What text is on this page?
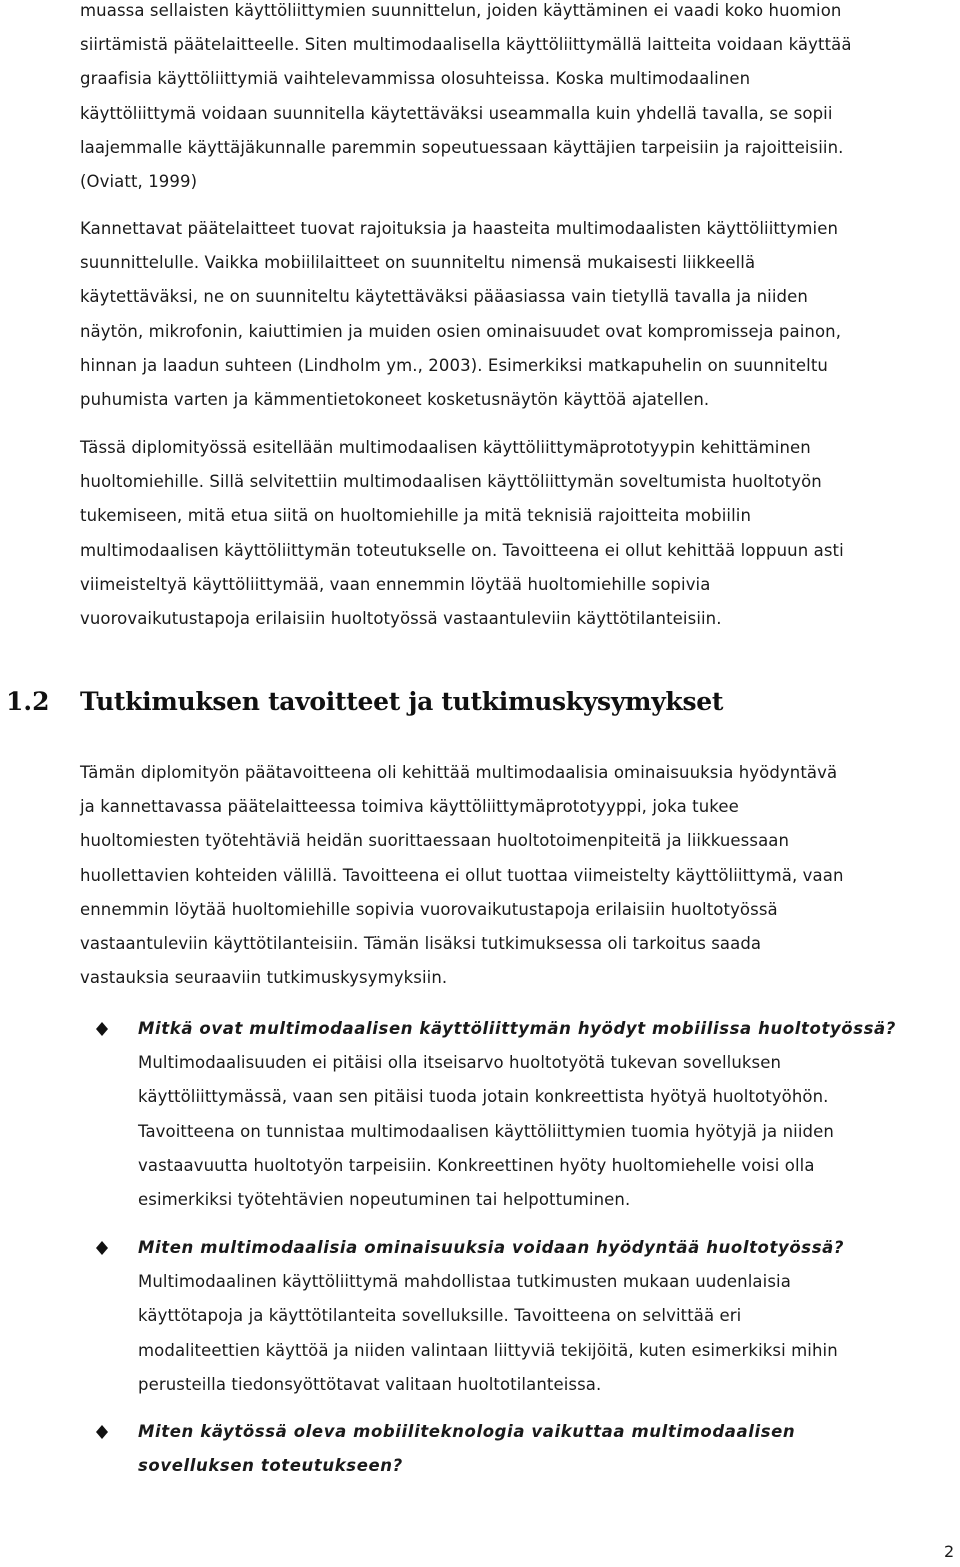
muassa sellaisten käyttöliittymien suunnittelun, joiden käyttäminen ei vaadi koko huomion
siirtämistä päätelaitteelle. Siten multimodaalisella käyttöliittymällä laitteita voidaan käyttää
graafisia käyttöliittymiä vaihtelevammissa olosuhteissa. Koska multimodaalinen
käyttöliittymä voidaan suunnitella käytettäväksi useammalla kuin yhdellä tavalla, se sopii
laajemmalle käyttäjäkunnalle paremmin sopeutuessaan käyttäjien tarpeisiin ja rajoitteisiin.
(Oviatt, 1999)

Kannettavat päätelaitteet tuovat rajoituksia ja haasteita multimodaalisten käyttöliittymien
suunnittelulle. Vaikka mobiililaitteet on suunniteltu nimensä mukaisesti liikkeellä
käytettäväksi, ne on suunniteltu käytettäväksi pääasiassa vain tietyllä tavalla ja niiden
näytön, mikrofonin, kaiuttimien ja muiden osien ominaisuudet ovat kompromisseja painon,
hinnan ja laadun suhteen (Lindholm ym., 2003). Esimerkiksi matkapuhelin on suunniteltu
puhumista varten ja kämmentietokoneet kosketusnäytön käyttöä ajatellen.

Tässä diplomityössä esitellään multimodaalisen käyttöliittymäprototyypin kehittäminen
huoltomiehille. Sillä selvitettiin multimodaalisen käyttöliittymän soveltumista huoltotyön
tukemiseen, mitä etua siitä on huoltomiehille ja mitä teknisiä rajoitteita mobiilin
multimodaalisen käyttöliittymän toteutukselle on. Tavoitteena ei ollut kehittää loppuun asti
viimeisteltyä käyttöliittymää, vaan ennemmin löytää huoltomiehille sopivia
vuorovaikutustapoja erilaisiin huoltotyössä vastaantuleviin käyttötilanteisiin.

1.2 Tutkimuksen tavoitteet ja tutkimuskysymykset

Tämän diplomityön päätavoitteena oli kehittää multimodaalisia ominaisuuksia hyödyntävä
ja kannettavassa päätelaitteessa toimiva käyttöliittymäprototyyppi, joka tukee
huoltomiesten työtehtäviä heidän suorittaessaan huoltotoimenpiteitä ja liikkuessaan
huollettavien kohteiden välillä. Tavoitteena ei ollut tuottaa viimeistelty käyttöliittymä, vaan
ennemmin löytää huoltomiehille sopivia vuorovaikutustapoja erilaisiin huoltotyössä
vastaantuleviin käyttötilanteisiin. Tämän lisäksi tutkimuksessa oli tarkoitus saada
vastauksia seuraaviin tutkimuskysymyksiin.

Mitkä ovat multimodaalisen käyttöliittymän hyödyt mobiilissa huoltotyössä?
Multimodaalisuuden ei pitäisi olla itseisarvo huoltotyötä tukevan sovelluksen
käyttöliittymässä, vaan sen pitäisi tuoda jotain konkreettista hyötyä huoltotyöhön.
Tavoitteena on tunnistaa multimodaalisen käyttöliittymien tuomia hyötyjä ja niiden
vastaavuutta huoltotyön tarpeisiin. Konkreettinen hyöty huoltomiehelle voisi olla
esimerkiksi työtehtävien nopeutuminen tai helpottuminen.
Miten multimodaalisia ominaisuuksia voidaan hyödyntää huoltotyössä?
Multimodaalinen käyttöliittymä mahdollistaa tutkimusten mukaan uudenlaisia
käyttötapoja ja käyttötilanteita sovelluksille. Tavoitteena on selvittää eri
modaliteettien käyttöä ja niiden valintaan liittyviä tekijöitä, kuten esimerkiksi mihin
perusteilla tiedonsyöttötavat valitaan huoltotilanteissa.
Miten käytössä oleva mobiiliteknologia vaikuttaa multimodaalisen
sovelluksen toteutukseen?
2
